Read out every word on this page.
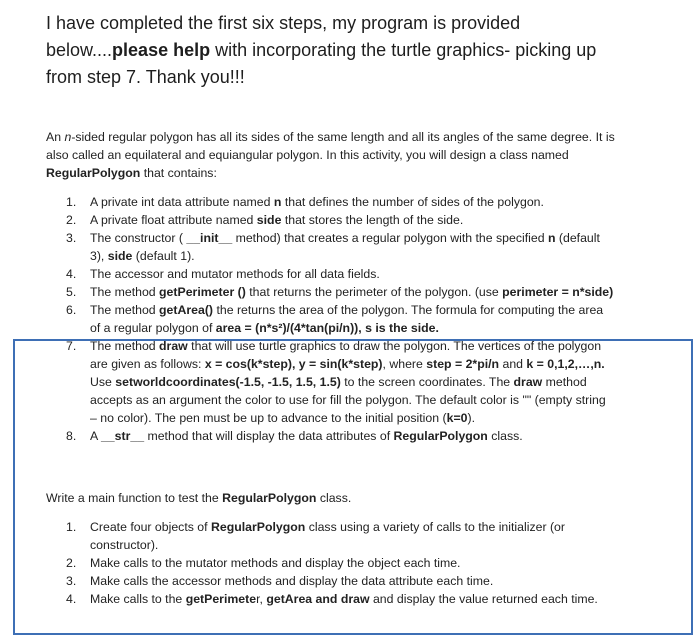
I have completed the first six steps, my program is provided
below....please help with incorporating the turtle graphics- picking up
from step 7. Thank you!!!

An n-sided regular polygon has all its sides of the same length and all its angles of the same degree. It is
also called an equilateral and equiangular polygon. In this activity, you will design a class named
RegularPolygon that contains:

1. A private int data attribute named n that defines the number of sides of the polygon.
2. A private float attribute named side that stores the length of the side.
3. The constructor ( __init__ method) that creates a regular polygon with the specified n (default
3), side (default 1).
4. The accessor and mutator methods for all data fields.
5. The method getPerimeter () that returns the perimeter of the polygon. (use perimeter = n*side)
6. The method getArea() the returns the area of the polygon. The formula for computing the area
of a regular polygon of area = (n*s²)/(4*tan(pi/n)), s is the side.
7. The method draw that will use turtle graphics to draw the polygon. The vertices of the polygon
are given as follows: x = cos(k*step), y = sin(k*step), where step = 2*pi/n and k = 0,1,2,…,n.
Use setworldcoordinates(-1.5, -1.5, 1.5, 1.5) to the screen coordinates. The draw method
accepts as an argument the color to use for fill the polygon. The default color is "" (empty string
– no color). The pen must be up to advance to the initial position (k=0).
8. A __str__ method that will display the data attributes of RegularPolygon class.

Write a main function to test the RegularPolygon class.

1. Create four objects of RegularPolygon class using a variety of calls to the initializer (or
constructor).
2. Make calls to the mutator methods and display the object each time.
3. Make calls the accessor methods and display the data attribute each time.
4. Make calls to the getPerimeter, getArea and draw and display the value returned each time.
